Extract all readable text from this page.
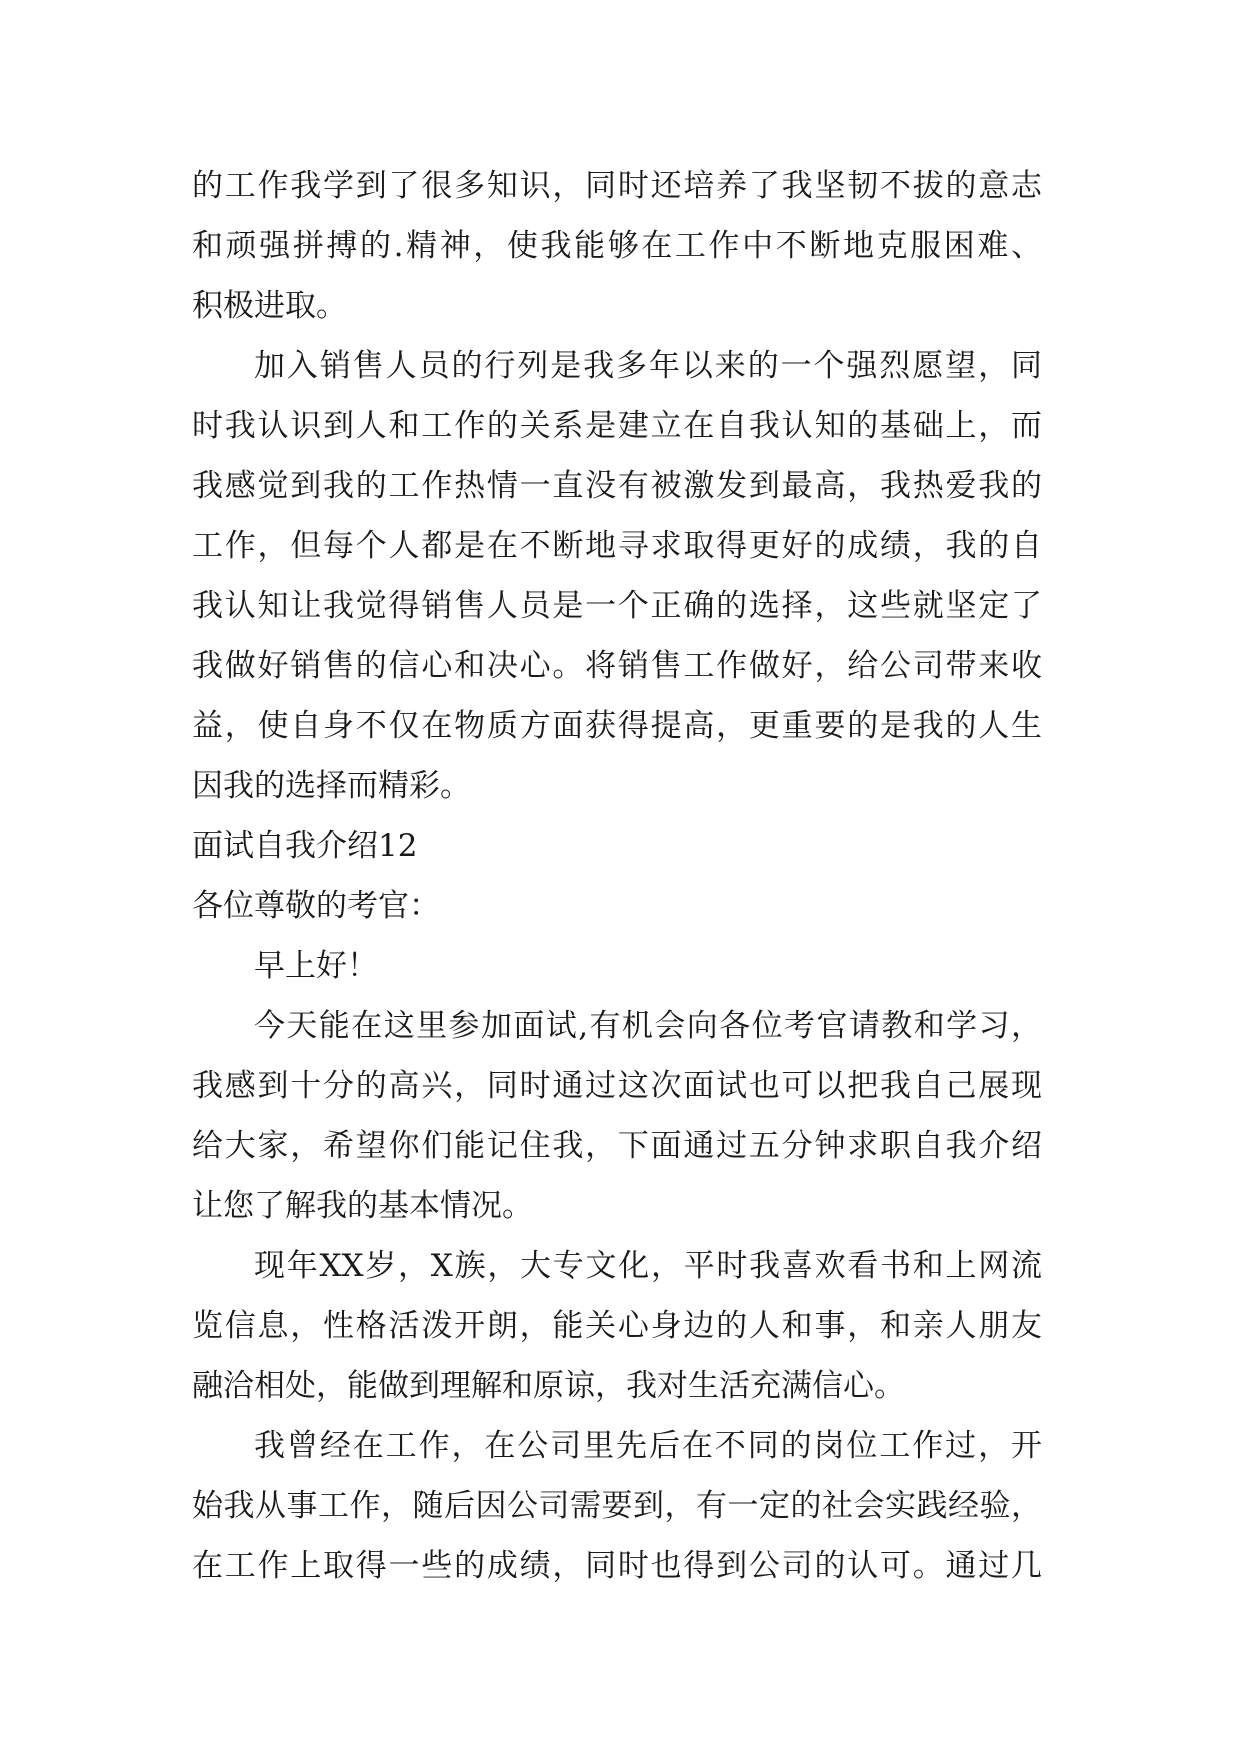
的工作我学到了很多知识，同时还培养了我坚韧不拔的意志
和顽强拼搏的.精神，使我能够在工作中不断地克服困难、
积极进取。
加入销售人员的行列是我多年以来的一个强烈愿望，同
时我认识到人和工作的关系是建立在自我认知的基础上，而
我感觉到我的工作热情一直没有被激发到最高，我热爱我的
工作，但每个人都是在不断地寻求取得更好的成绩，我的自
我认知让我觉得销售人员是一个正确的选择，这些就坚定了
我做好销售的信心和决心。将销售工作做好，给公司带来收
益，使自身不仅在物质方面获得提高，更重要的是我的人生
因我的选择而精彩。
面试自我介绍12
各位尊敬的考官：
早上好！
今天能在这里参加面试,有机会向各位考官请教和学习，
我感到十分的高兴，同时通过这次面试也可以把我自己展现
给大家，希望你们能记住我，下面通过五分钟求职自我介绍
让您了解我的基本情况。
现年XX岁，X族，大专文化，平时我喜欢看书和上网流
览信息，性格活泼开朗，能关心身边的人和事，和亲人朋友
融洽相处，能做到理解和原谅，我对生活充满信心。
我曾经在工作，在公司里先后在不同的岗位工作过，开
始我从事工作，随后因公司需要到，有一定的社会实践经验，
在工作上取得一些的成绩，同时也得到公司的认可。通过几
